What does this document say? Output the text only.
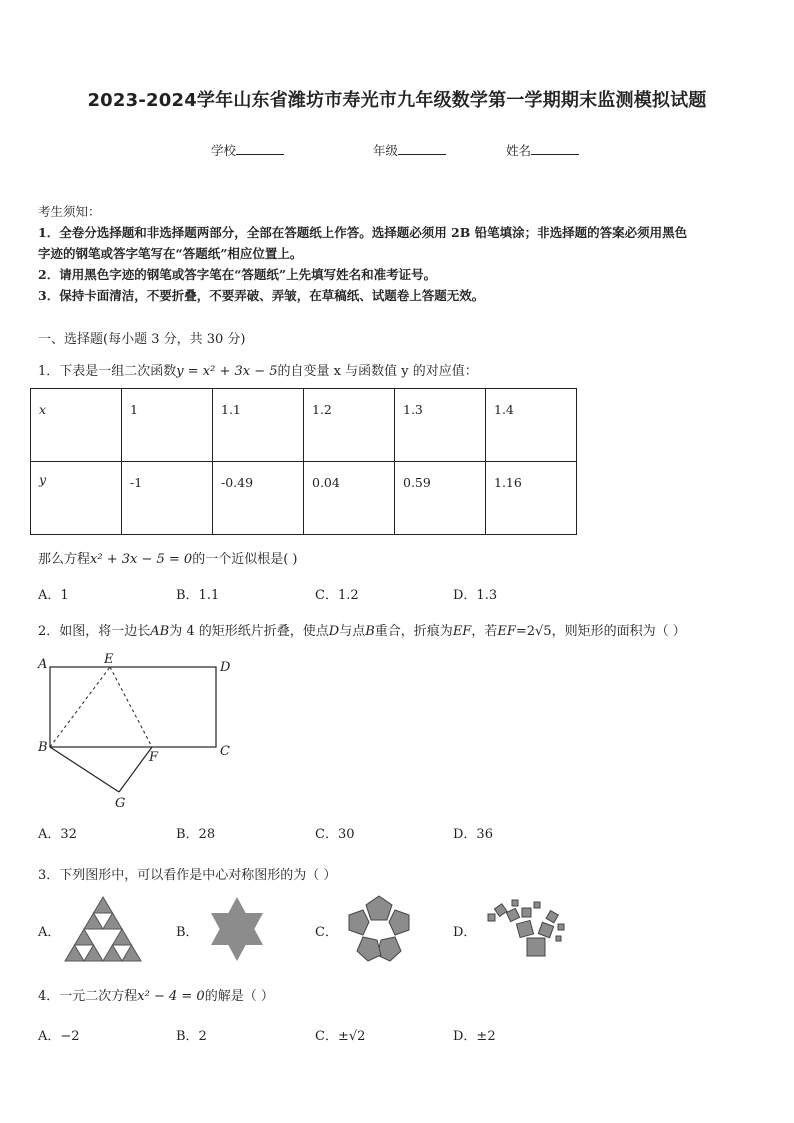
2023-2024学年山东省潍坊市寿光市九年级数学第一学期期末监测模拟试题
学校	年级	姓名
考生须知：
1．全卷分选择题和非选择题两部分，全部在答题纸上作答。选择题必须用 2B 铅笔填涂；非选择题的答案必须用黑色
字迹的钢笔或答字笔写在“答题纸”相应位置上。
2．请用黑色字迹的钢笔或答字笔在“答题纸”上先填写姓名和准考证号。
3．保持卡面清洁，不要折叠，不要弄破、弄皱，在草稿纸、试题卷上答题无效。
一、选择题(每小题 3 分，共 30 分)
1．下表是一组二次函数y = x² + 3x − 5的自变量 x 与函数值 y 的对应值：
x	1	1.1	1.2	1.3	1.4
y	-1	-0.49	0.04	0.59	1.16
那么方程x² + 3x − 5 = 0的一个近似根是( )
A．1	B．1.1	C．1.2	D．1.3
2．如图，将一边长AB为 4 的矩形纸片折叠，使点D与点B重合，折痕为EF，若EF=2√5，则矩形的面积为（ ）
A	E
D
B
F	C
G
A．32	B．28	C．30	D．36
3．下列图形中，可以看作是中心对称图形的为（ ）
A．	B．	C．	D．
4．一元二次方程x² − 4 = 0的解是（ ）
A．−2	B．2	C．±√2	D．±2
